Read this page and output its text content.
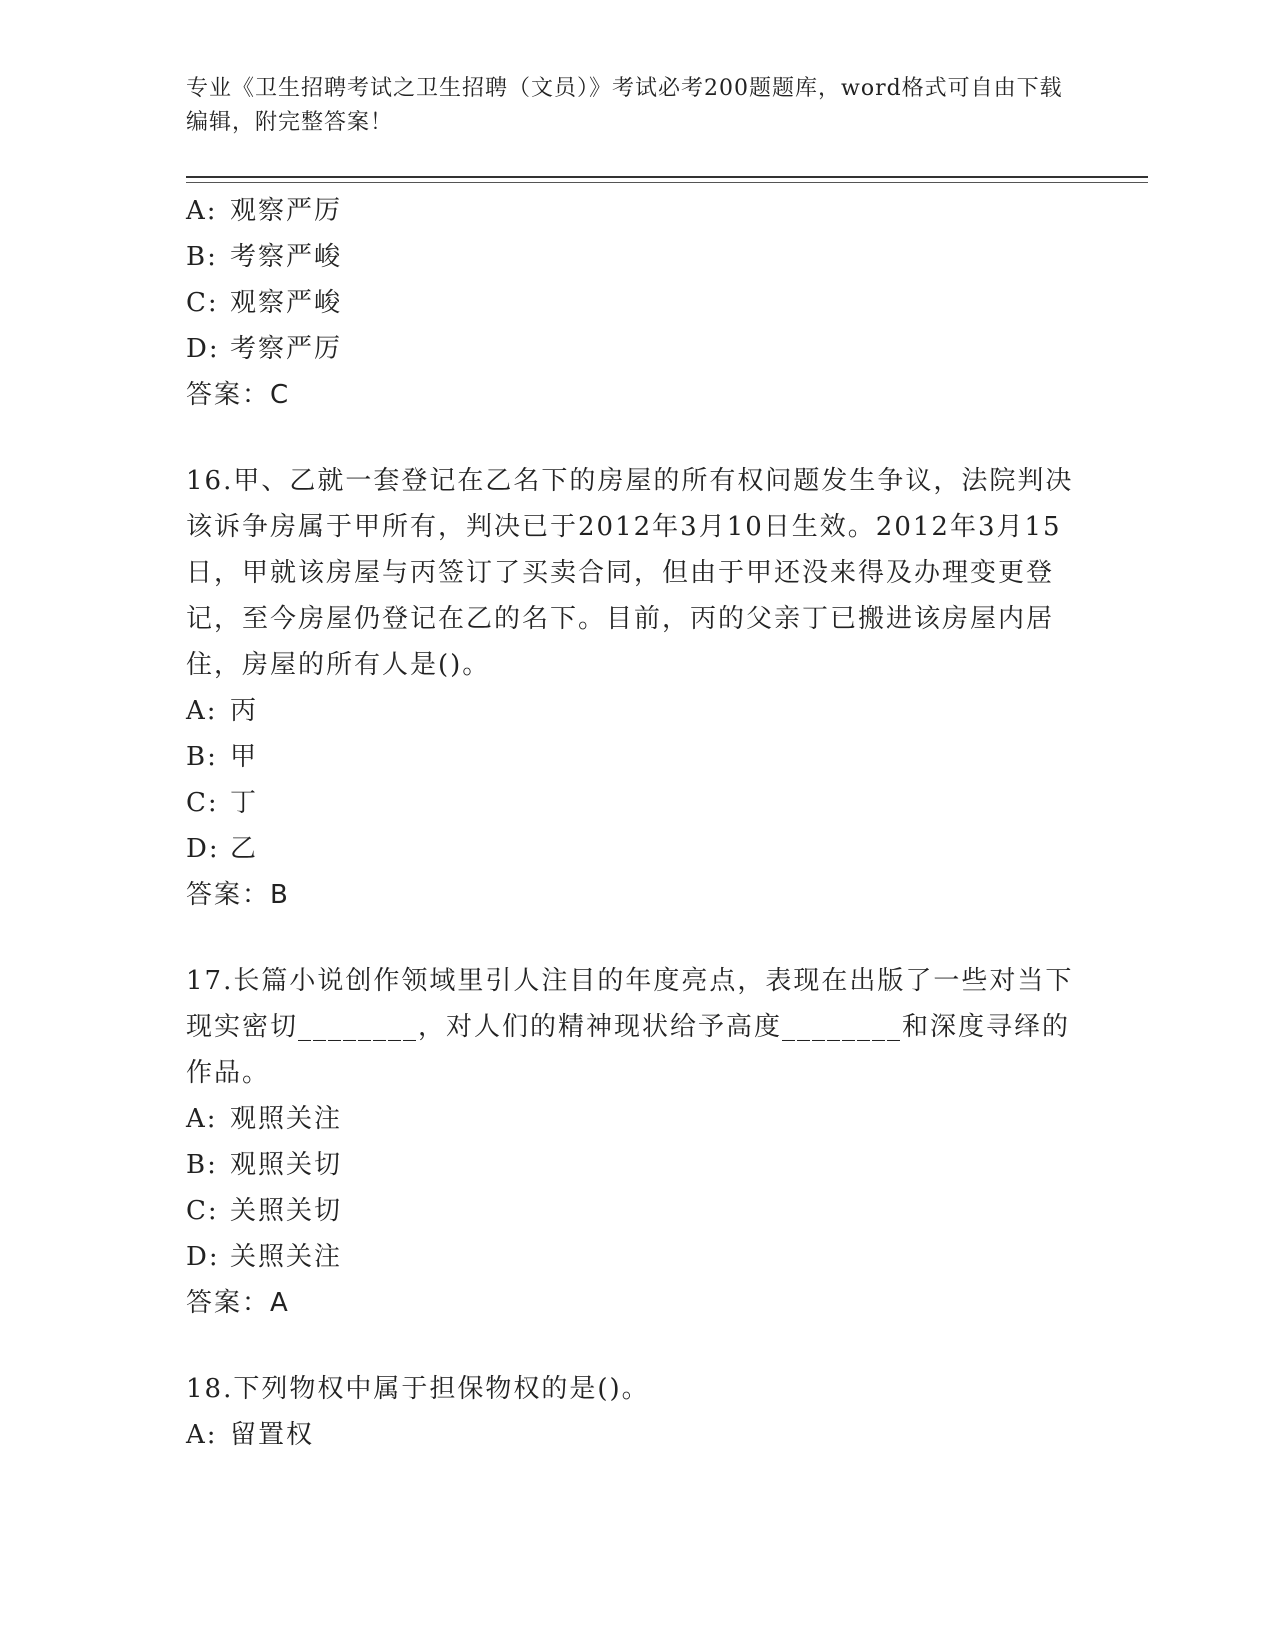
专业《卫生招聘考试之卫生招聘（文员）》考试必考200题题库，word格式可自由下载编辑，附完整答案！
A: 观察严厉
B: 考察严峻
C: 观察严峻
D: 考察严厉
答案：C
16.甲、乙就一套登记在乙名下的房屋的所有权问题发生争议，法院判决该诉争房属于甲所有，判决已于2012年3月10日生效。2012年3月15日，甲就该房屋与丙签订了买卖合同，但由于甲还没来得及办理变更登记，至今房屋仍登记在乙的名下。目前，丙的父亲丁已搬进该房屋内居住，房屋的所有人是()。
A: 丙
B: 甲
C: 丁
D: 乙
答案：B
17.长篇小说创作领域里引人注目的年度亮点，表现在出版了一些对当下现实密切________，对人们的精神现状给予高度________和深度寻绎的作品。
A: 观照关注
B: 观照关切
C: 关照关切
D: 关照关注
答案：A
18.下列物权中属于担保物权的是()。
A: 留置权
